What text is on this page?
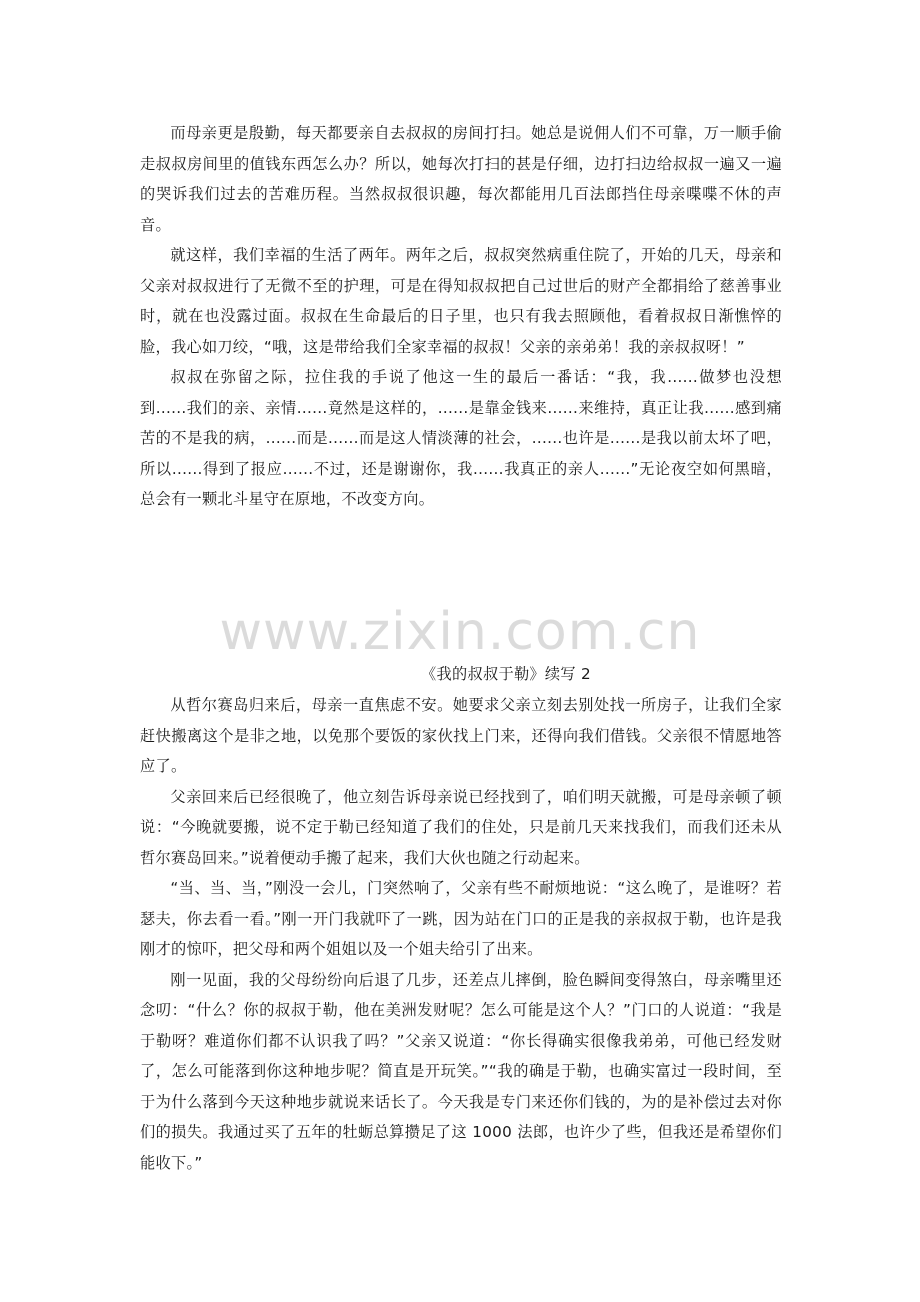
而母亲更是殷勤，每天都要亲自去叔叔的房间打扫。她总是说佣人们不可靠，万一顺手偷走叔叔房间里的值钱东西怎么办？所以，她每次打扫的甚是仔细，边打扫边给叔叔一遍又一遍的哭诉我们过去的苦难历程。当然叔叔很识趣，每次都能用几百法郎挡住母亲喋喋不休的声音。

就这样，我们幸福的生活了两年。两年之后，叔叔突然病重住院了，开始的几天，母亲和父亲对叔叔进行了无微不至的护理，可是在得知叔叔把自己过世后的财产全都捐给了慈善事业时，就在也没露过面。叔叔在生命最后的日子里，也只有我去照顾他，看着叔叔日渐憔悴的脸，我心如刀绞，“哦，这是带给我们全家幸福的叔叔！父亲的亲弟弟！我的亲叔叔呀！”

叔叔在弥留之际，拉住我的手说了他这一生的最后一番话：“我，我......做梦也没想到......我们的亲、亲情......竟然是这样的，......是靠金钱来......来维持，真正让我......感到痛苦的不是我的病，......而是......而是这人情淡薄的社会，......也许是......是我以前太坏了吧，所以......得到了报应......不过，还是谢谢你，我......我真正的亲人......”无论夜空如何黑暗，总会有一颗北斗星守在原地，不改变方向。

www.zixin.com.cn
《我的叔叔于勒》续写 2

从哲尔赛岛归来后，母亲一直焦虑不安。她要求父亲立刻去别处找一所房子，让我们全家赶快搬离这个是非之地，以免那个要饭的家伙找上门来，还得向我们借钱。父亲很不情愿地答应了。

父亲回来后已经很晚了，他立刻告诉母亲说已经找到了，咱们明天就搬，可是母亲顿了顿说：“今晚就要搬，说不定于勒已经知道了我们的住处，只是前几天来找我们，而我们还未从哲尔赛岛回来。”说着便动手搬了起来，我们大伙也随之行动起来。

“当、当、当，”刚没一会儿，门突然响了，父亲有些不耐烦地说：“这么晚了，是谁呀？若瑟夫，你去看一看。”刚一开门我就吓了一跳，因为站在门口的正是我的亲叔叔于勒，也许是我刚才的惊吓，把父母和两个姐姐以及一个姐夫给引了出来。

刚一见面，我的父母纷纷向后退了几步，还差点儿摔倒，脸色瞬间变得煞白，母亲嘴里还念叨：“什么？你的叔叔于勒，他在美洲发财呢？怎么可能是这个人？”门口的人说道：“我是于勒呀？难道你们都不认识我了吗？”父亲又说道：“你长得确实很像我弟弟，可他已经发财了，怎么可能落到你这种地步呢？简直是开玩笑。”“我的确是于勒，也确实富过一段时间，至于为什么落到今天这种地步就说来话长了。今天我是专门来还你们钱的，为的是补偿过去对你们的损失。我通过买了五年的牡蛎总算攒足了这 1000 法郎，也许少了些，但我还是希望你们能收下。”
